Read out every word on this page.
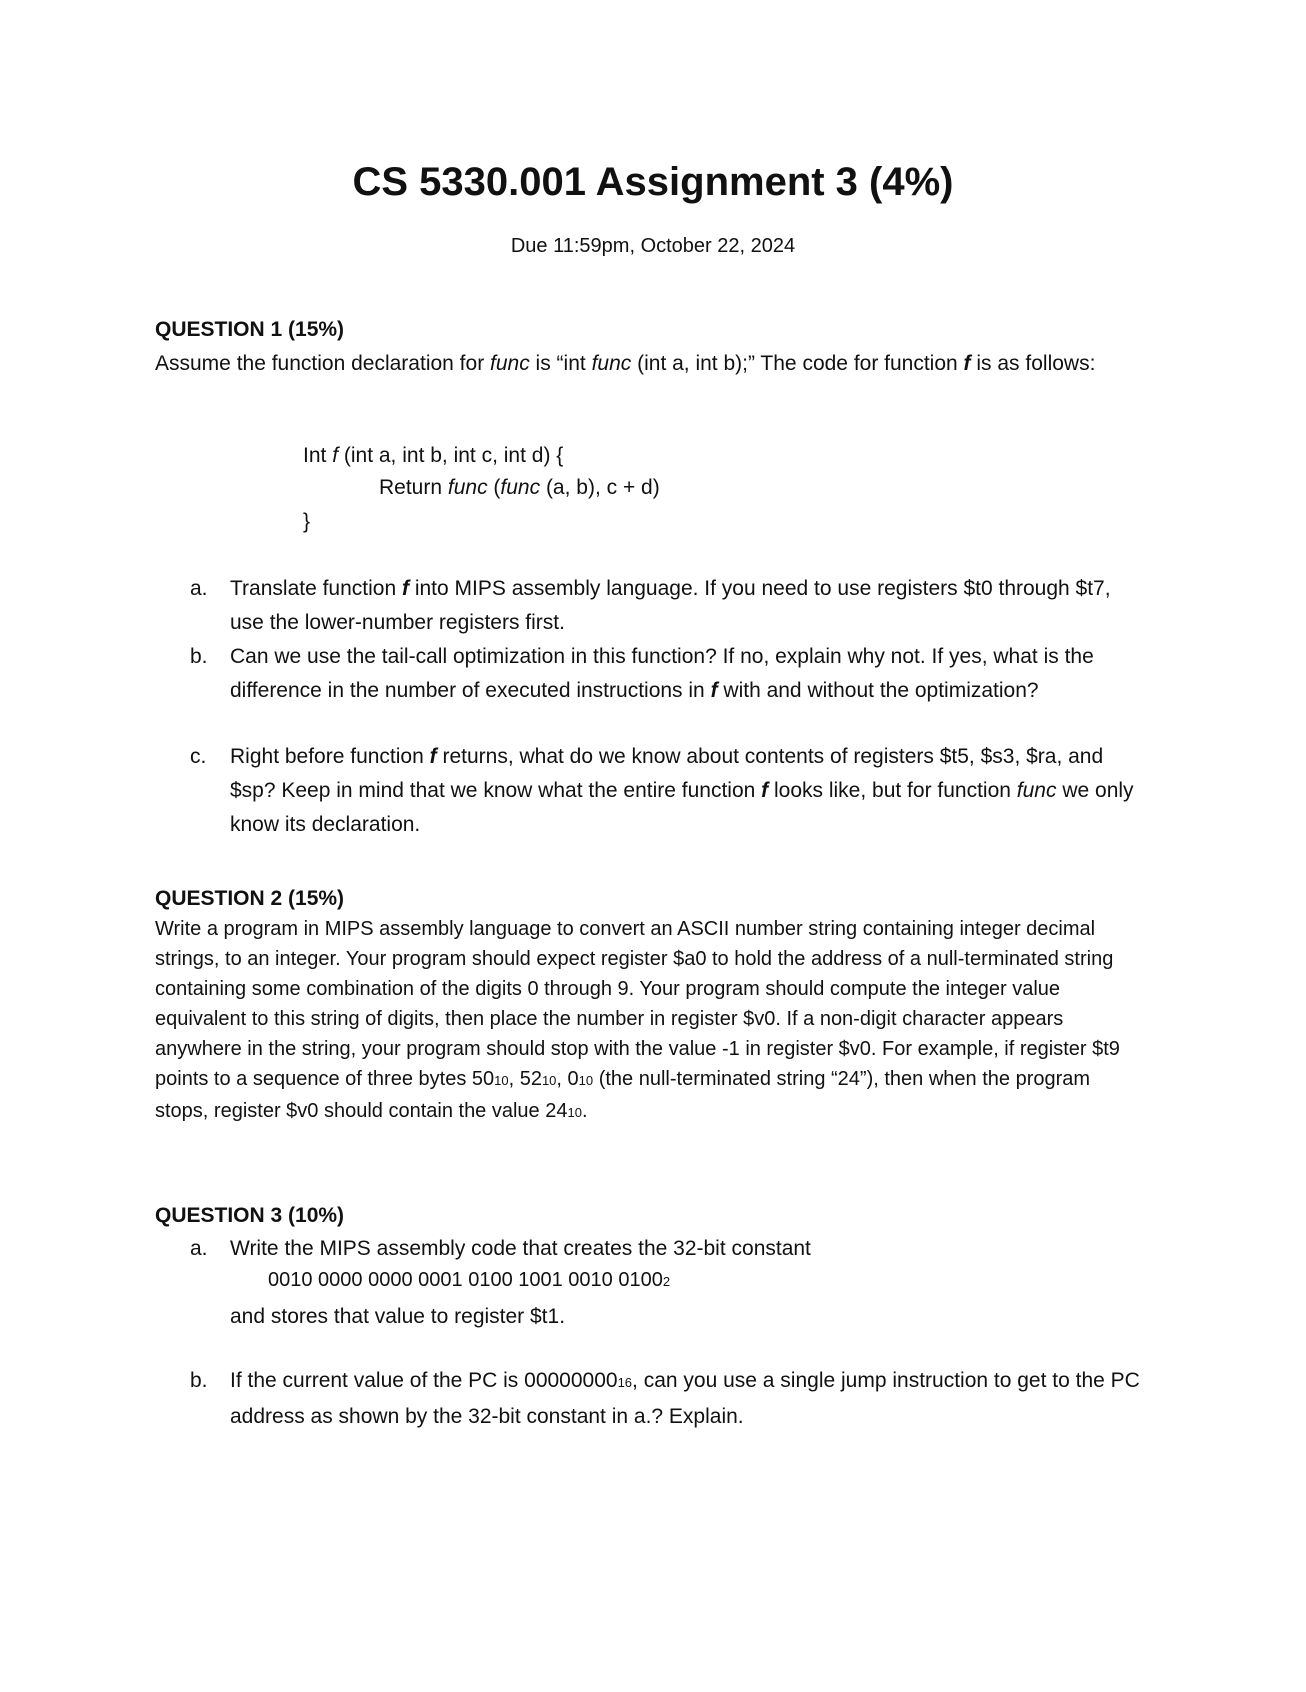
CS 5330.001 Assignment 3 (4%)
Due 11:59pm, October 22, 2024
QUESTION 1 (15%)
Assume the function declaration for func is “int func (int a, int b);” The code for function f is as follows:
Int f (int a, int b, int c, int d) {
Return func (func (a, b), c + d)
}
a.	Translate function f into MIPS assembly language. If you need to use registers $t0 through $t7, use the lower-number registers first.
b.	Can we use the tail-call optimization in this function? If no, explain why not. If yes, what is the difference in the number of executed instructions in f with and without the optimization?
c.	Right before function f returns, what do we know about contents of registers $t5, $s3, $ra, and $sp? Keep in mind that we know what the entire function f looks like, but for function func we only know its declaration.
QUESTION 2 (15%)
Write a program in MIPS assembly language to convert an ASCII number string containing integer decimal strings, to an integer. Your program should expect register $a0 to hold the address of a null-terminated string containing some combination of the digits 0 through 9. Your program should compute the integer value equivalent to this string of digits, then place the number in register $v0. If a non-digit character appears anywhere in the string, your program should stop with the value -1 in register $v0. For example, if register $t9 points to a sequence of three bytes 5010, 5210, 010 (the null-terminated string “24”), then when the program stops, register $v0 should contain the value 2410.
QUESTION 3 (10%)
a.	Write the MIPS assembly code that creates the 32-bit constant
0010 0000 0000 0001 0100 1001 0010 01002
and stores that value to register $t1.
b.	If the current value of the PC is 0000000016, can you use a single jump instruction to get to the PC address as shown by the 32-bit constant in a.? Explain.
